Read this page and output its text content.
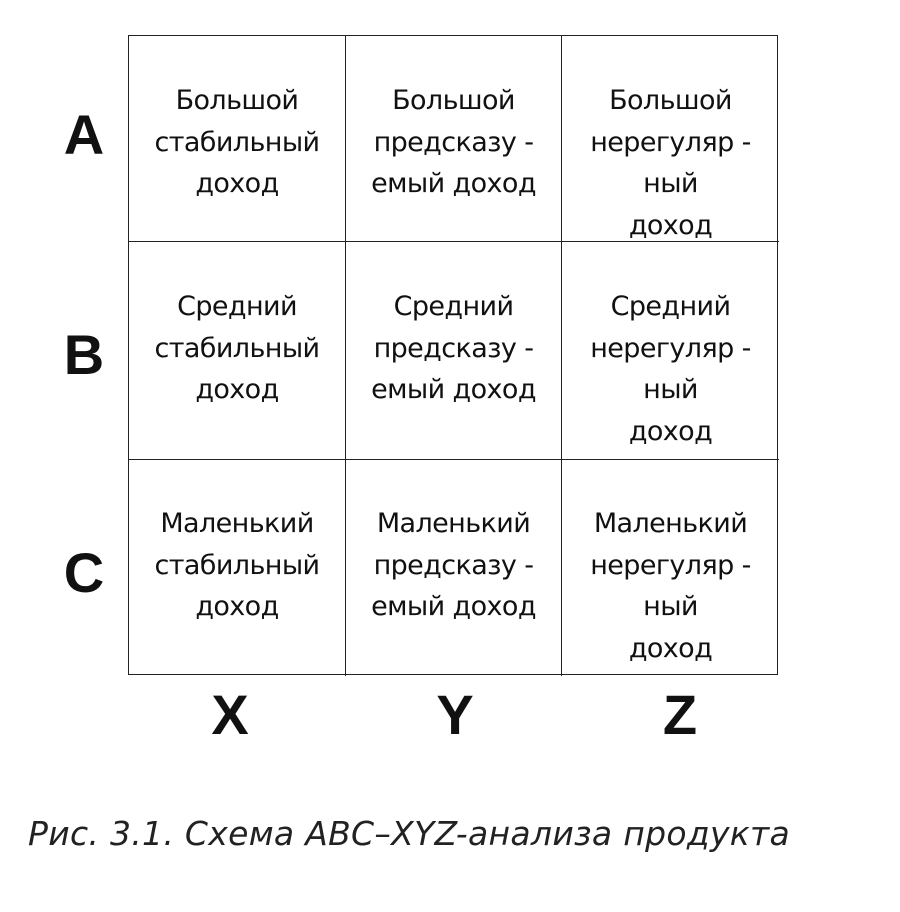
Большой
стабильный
доход
Большой
предсказу -
емый доход
Большой
нерегуляр -
ный
доход
Средний
стабильный
доход
Средний
предсказу -
емый доход
Средний
нерегуляр -
ный
доход
Маленький
стабильный
доход
Маленький
предсказу -
емый доход
Маленький
нерегуляр -
ный
доход
A
B
C
X	Y	Z
Рис. 3.1. Схема ABC–XYZ-анализа продукта
